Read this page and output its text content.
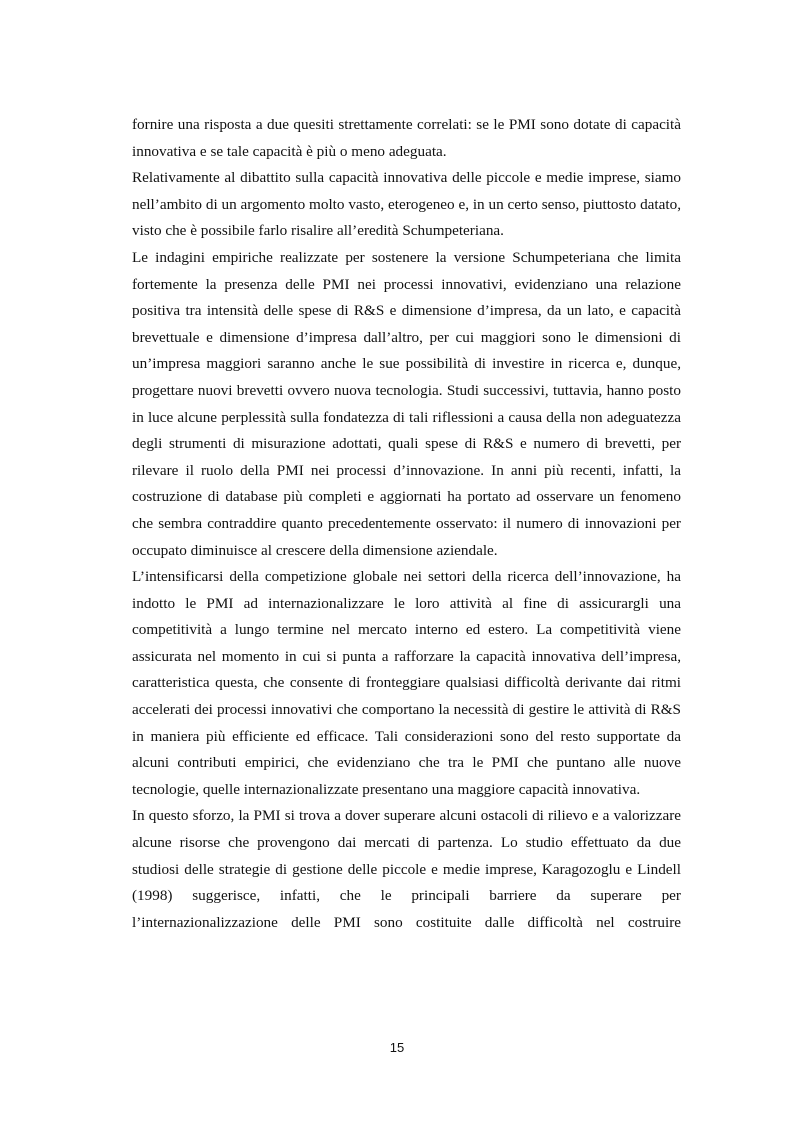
fornire una risposta a due quesiti strettamente correlati: se le PMI sono dotate di capacità innovativa e se tale capacità è più o meno adeguata.

Relativamente al dibattito sulla capacità innovativa delle piccole e medie imprese, siamo nell’ambito di un argomento molto vasto, eterogeneo e, in un certo senso, piuttosto datato, visto che è possibile farlo risalire all’eredità Schumpeteriana.

Le indagini empiriche realizzate per sostenere la versione Schumpeteriana che limita fortemente la presenza delle PMI nei processi innovativi, evidenziano una relazione positiva tra intensità delle spese di R&S e dimensione d’impresa, da un lato, e capacità brevettuale e dimensione d’impresa dall’altro, per cui maggiori sono le dimensioni di un’impresa maggiori saranno anche le sue possibilità di investire in ricerca e, dunque, progettare nuovi brevetti ovvero nuova tecnologia. Studi successivi, tuttavia, hanno posto in luce alcune perplessità sulla fondatezza di tali riflessioni a causa della non adeguatezza degli strumenti di misurazione adottati, quali spese di R&S e numero di brevetti, per rilevare il ruolo della PMI nei processi d’innovazione. In anni più recenti, infatti, la costruzione di database più completi e aggiornati ha portato ad osservare un fenomeno che sembra contraddire quanto precedentemente osservato: il numero di innovazioni per occupato diminuisce al crescere della dimensione aziendale.

L’intensificarsi della competizione globale nei settori della ricerca dell’innovazione, ha indotto le PMI ad internazionalizzare le loro attività al fine di assicurargli una competitività a lungo termine nel mercato interno ed estero. La competitività viene assicurata nel momento in cui si punta a rafforzare la capacità innovativa dell’impresa, caratteristica questa, che consente di fronteggiare qualsiasi difficoltà derivante dai ritmi accelerati dei processi innovativi che comportano la necessità di gestire le attività di R&S in maniera più efficiente ed efficace. Tali considerazioni sono del resto supportate da alcuni contributi empirici, che evidenziano che tra le PMI che puntano alle nuove tecnologie, quelle internazionalizzate presentano una maggiore capacità innovativa.

In questo sforzo, la PMI si trova a dover superare alcuni ostacoli di rilievo e a valorizzare alcune risorse che provengono dai mercati di partenza. Lo studio effettuato da due studiosi delle strategie di gestione delle piccole e medie imprese, Karagozoglu e Lindell (1998) suggerisce, infatti, che le principali barriere da superare per l’internazionalizzazione delle PMI sono costituite dalle difficoltà nel costruire

15
